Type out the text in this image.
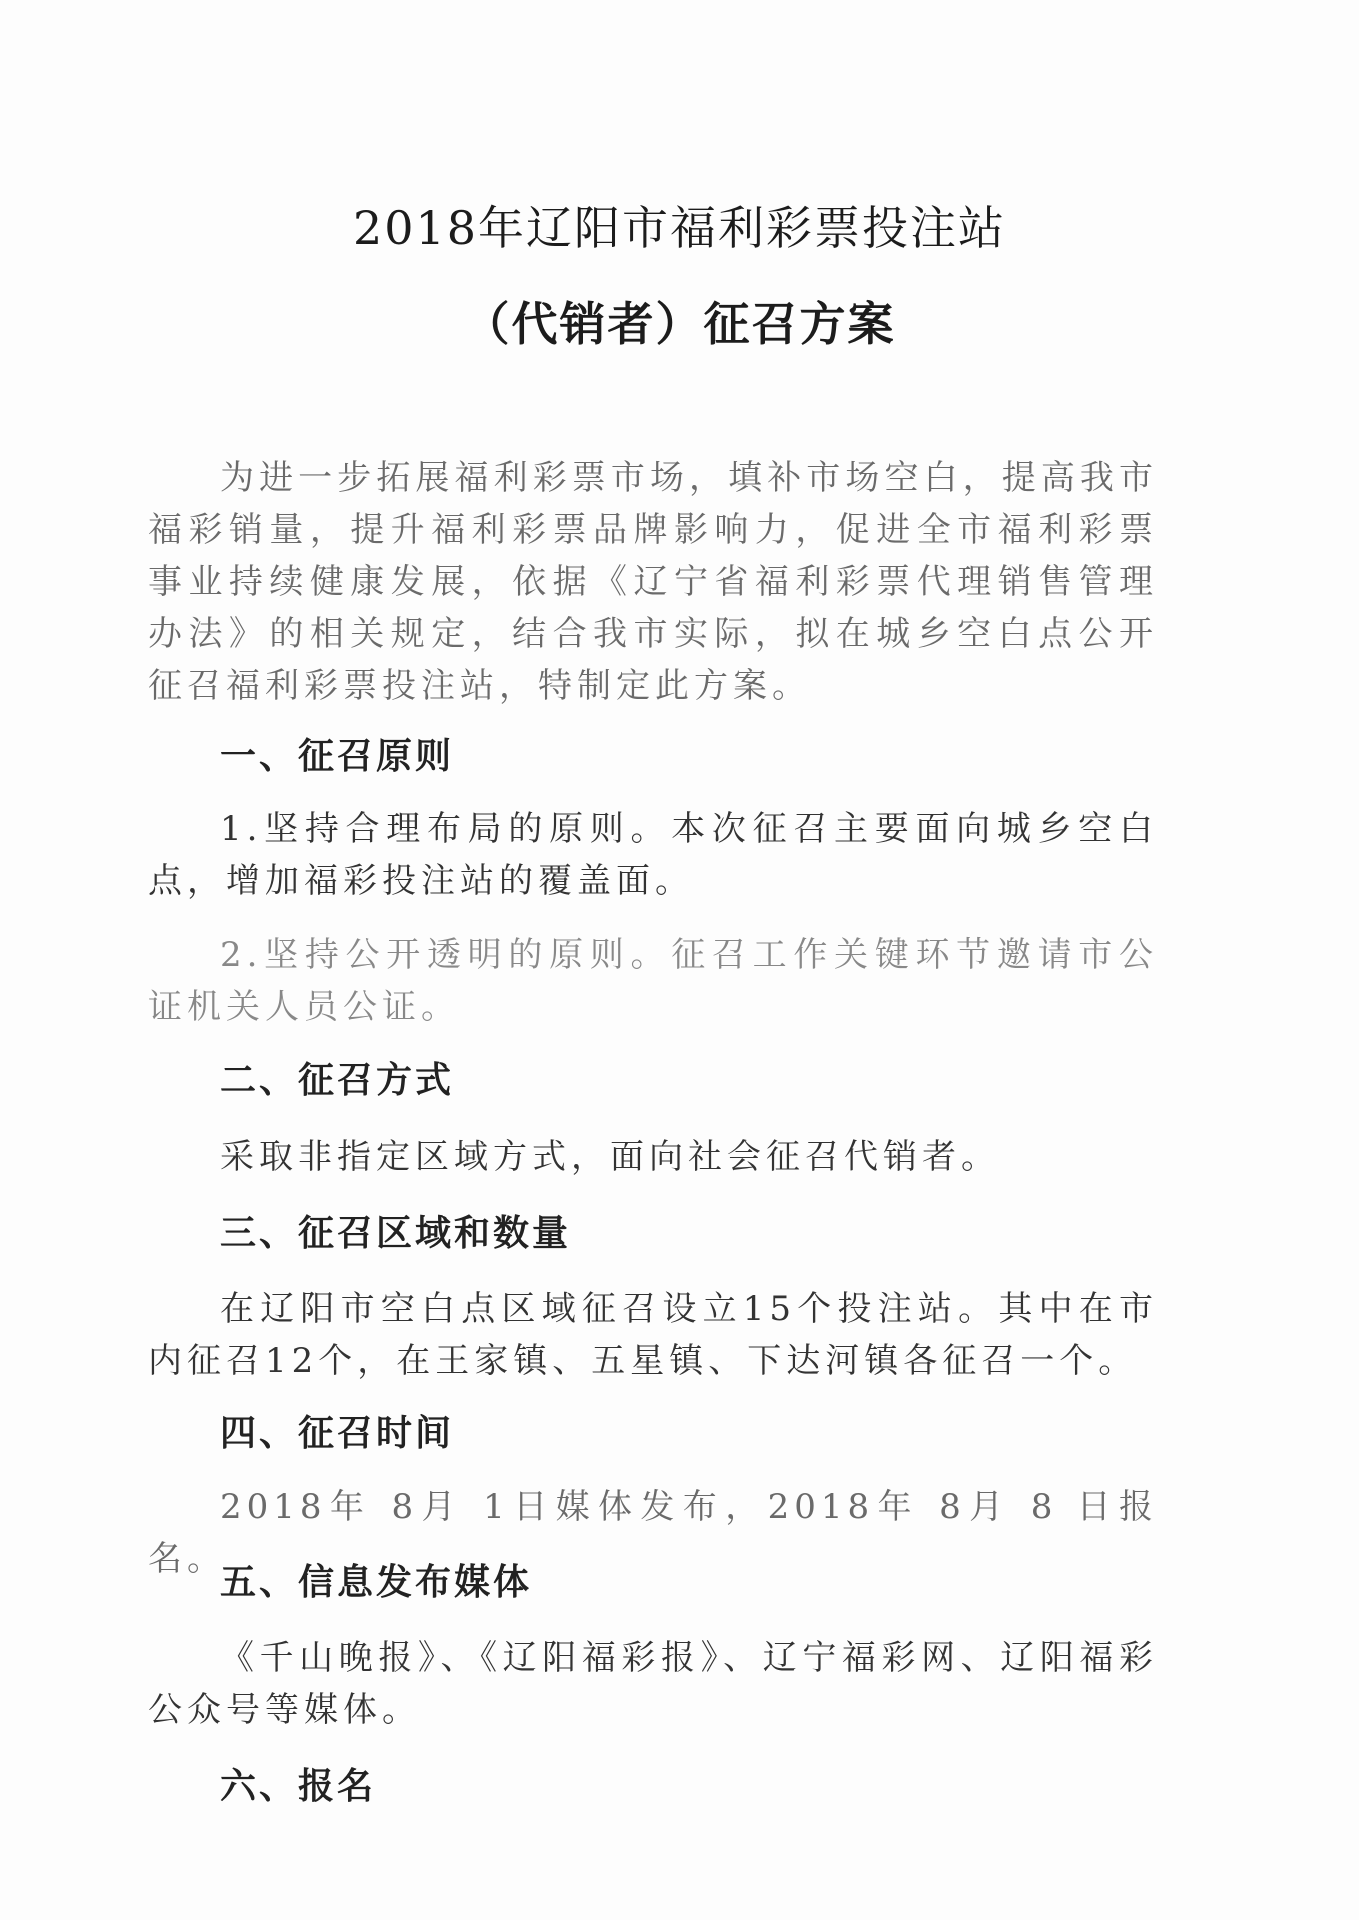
2018年辽阳市福利彩票投注站
（代销者）征召方案

为进一步拓展福利彩票市场，填补市场空白，提高我市福彩销量，提升福利彩票品牌影响力，促进全市福利彩票事业持续健康发展，依据《辽宁省福利彩票代理销售管理办法》的相关规定，结合我市实际，拟在城乡空白点公开征召福利彩票投注站，特制定此方案。

一、征召原则

1.坚持合理布局的原则。本次征召主要面向城乡空白点，增加福彩投注站的覆盖面。

2.坚持公开透明的原则。征召工作关键环节邀请市公证机关人员公证。

二、征召方式

采取非指定区域方式，面向社会征召代销者。

三、征召区域和数量

在辽阳市空白点区域征召设立15个投注站。其中在市内征召12个，在王家镇、五星镇、下达河镇各征召一个。

四、征召时间

2018年 8月 1日媒体发布，2018年 8月 8 日报名。

五、信息发布媒体

《千山晚报》、《辽阳福彩报》、辽宁福彩网、辽阳福彩公众号等媒体。

六、报名
